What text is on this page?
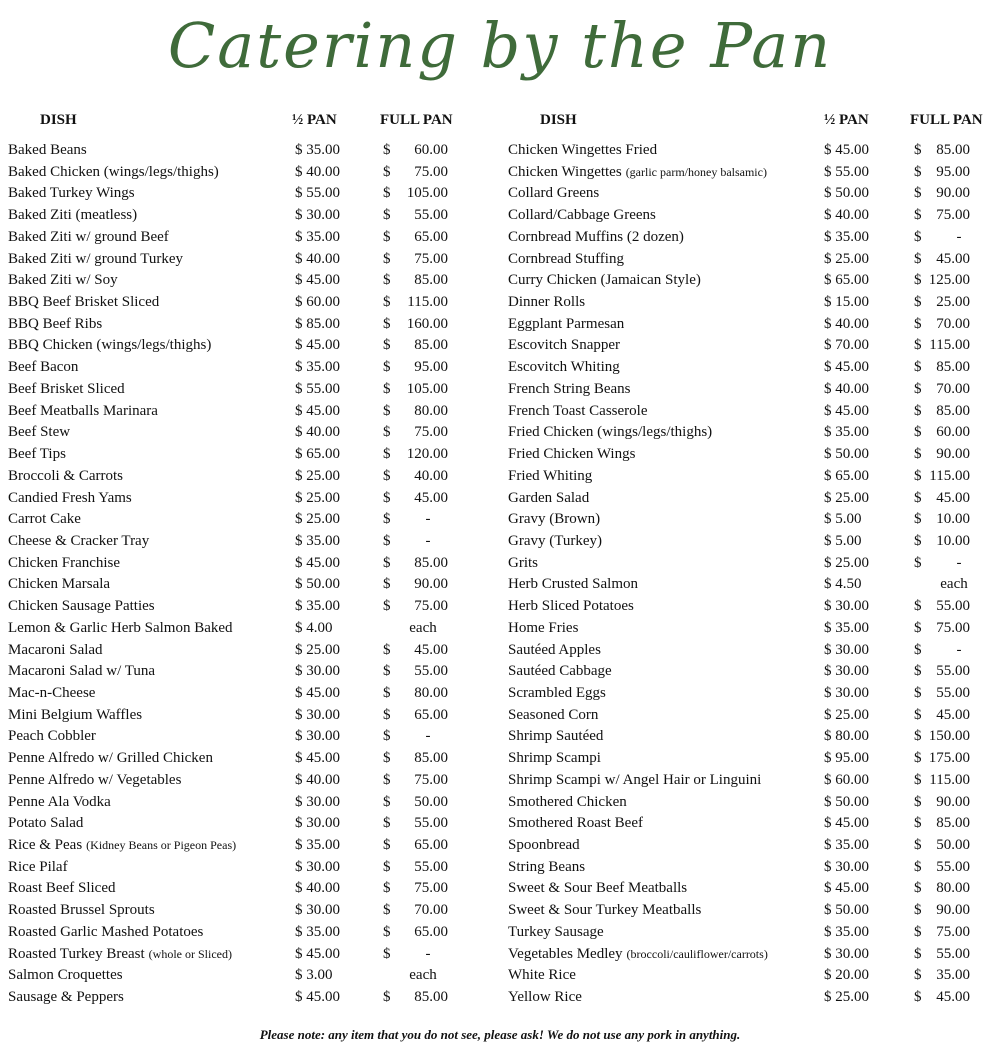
Catering by the Pan
DISH	½ PAN	FULL PAN
Baked Beans	$ 35.00	$	60.00
Baked Chicken (wings/legs/thighs)	$ 40.00	$	75.00
Baked Turkey Wings	$ 55.00	$	105.00
Baked Ziti (meatless)	$ 30.00	$	55.00
Baked Ziti w/ ground Beef	$ 35.00	$	65.00
Baked Ziti w/ ground Turkey	$ 40.00	$	75.00
Baked Ziti w/ Soy	$ 45.00	$	85.00
BBQ Beef Brisket Sliced	$ 60.00	$	115.00
BBQ Beef Ribs	$ 85.00	$	160.00
BBQ Chicken (wings/legs/thighs)	$ 45.00	$	85.00
Beef Bacon	$ 35.00	$	95.00
Beef Brisket Sliced	$ 55.00	$	105.00
Beef Meatballs Marinara	$ 45.00	$	80.00
Beef Stew	$ 40.00	$	75.00
Beef Tips	$ 65.00	$	120.00
Broccoli & Carrots	$ 25.00	$	40.00
Candied Fresh Yams	$ 25.00	$	45.00
Carrot Cake	$ 25.00	$	-
Cheese & Cracker Tray	$ 35.00	$	-
Chicken Franchise	$ 45.00	$	85.00
Chicken Marsala	$ 50.00	$	90.00
Chicken Sausage Patties	$ 35.00	$	75.00
Lemon & Garlic Herb Salmon Baked	$ 4.00	each
Macaroni Salad	$ 25.00	$	45.00
Macaroni Salad w/ Tuna	$ 30.00	$	55.00
Mac-n-Cheese	$ 45.00	$	80.00
Mini Belgium Waffles	$ 30.00	$	65.00
Peach Cobbler	$ 30.00	$	-
Penne Alfredo w/ Grilled Chicken	$ 45.00	$	85.00
Penne Alfredo w/ Vegetables	$ 40.00	$	75.00
Penne Ala Vodka	$ 30.00	$	50.00
Potato Salad	$ 30.00	$	55.00
Rice & Peas (Kidney Beans or Pigeon Peas)	$ 35.00	$	65.00
Rice Pilaf	$ 30.00	$	55.00
Roast Beef Sliced	$ 40.00	$	75.00
Roasted Brussel Sprouts	$ 30.00	$	70.00
Roasted Garlic Mashed Potatoes	$ 35.00	$	65.00
Roasted Turkey Breast (whole or Sliced)	$ 45.00	$	-
Salmon Croquettes	$ 3.00	each
Sausage & Peppers	$ 45.00	$	85.00
DISH	½ PAN	FULL PAN
Chicken Wingettes Fried	$ 45.00	$ 85.00
Chicken Wingettes (garlic parm/honey balsamic)	$ 55.00	$ 95.00
Collard Greens	$ 50.00	$ 90.00
Collard/Cabbage Greens	$ 40.00	$ 75.00
Cornbread Muffins (2 dozen)	$ 35.00	$	-
Cornbread Stuffing	$ 25.00	$ 45.00
Curry Chicken (Jamaican Style)	$ 65.00	$ 125.00
Dinner Rolls	$ 15.00	$ 25.00
Eggplant Parmesan	$ 40.00	$ 70.00
Escovitch Snapper	$ 70.00	$ 115.00
Escovitch Whiting	$ 45.00	$ 85.00
French String Beans	$ 40.00	$ 70.00
French Toast Casserole	$ 45.00	$ 85.00
Fried Chicken (wings/legs/thighs)	$ 35.00	$ 60.00
Fried Chicken Wings	$ 50.00	$ 90.00
Fried Whiting	$ 65.00	$ 115.00
Garden Salad	$ 25.00	$ 45.00
Gravy (Brown)	$ 5.00	$ 10.00
Gravy (Turkey)	$ 5.00	$ 10.00
Grits	$ 25.00	$	-
Herb Crusted Salmon	$ 4.50	each
Herb Sliced Potatoes	$ 30.00	$ 55.00
Home Fries	$ 35.00	$ 75.00
Sautéed Apples	$ 30.00	$	-
Sautéed Cabbage	$ 30.00	$ 55.00
Scrambled Eggs	$ 30.00	$ 55.00
Seasoned Corn	$ 25.00	$ 45.00
Shrimp Sautéed	$ 80.00	$ 150.00
Shrimp Scampi	$ 95.00	$ 175.00
Shrimp Scampi w/ Angel Hair or Linguini	$ 60.00	$ 115.00
Smothered Chicken	$ 50.00	$ 90.00
Smothered Roast Beef	$ 45.00	$ 85.00
Spoonbread	$ 35.00	$ 50.00
String Beans	$ 30.00	$ 55.00
Sweet & Sour Beef Meatballs	$ 45.00	$ 80.00
Sweet & Sour Turkey Meatballs	$ 50.00	$ 90.00
Turkey Sausage	$ 35.00	$ 75.00
Vegetables Medley (broccoli/cauliflower/carrots)	$ 30.00	$ 55.00
White Rice	$ 20.00	$ 35.00
Yellow Rice	$ 25.00	$ 45.00
Please note: any item that you do not see, please ask! We do not use any pork in anything.
